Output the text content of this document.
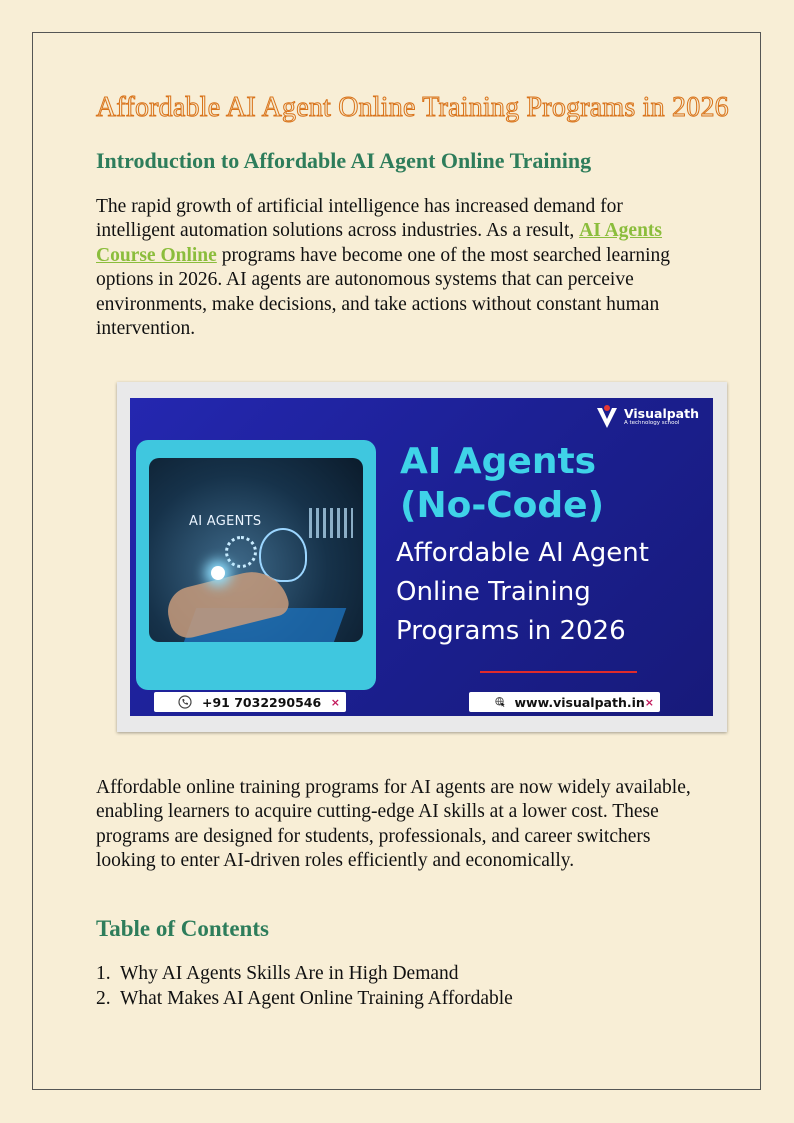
Affordable AI Agent Online Training Programs in 2026
Introduction to Affordable AI Agent Online Training

The rapid growth of artificial intelligence has increased demand for intelligent automation solutions across industries. As a result, AI Agents Course Online programs have become one of the most searched learning options in 2026. AI agents are autonomous systems that can perceive environments, make decisions, and take actions without constant human intervention.

Visualpath
A technology school
AI AGENTS
AI Agents
(No-Code)
Affordable AI Agent
Online Training
Programs in 2026
+91 7032290546 ×	www.visualpath.in ×

Affordable online training programs for AI agents are now widely available, enabling learners to acquire cutting-edge AI skills at a lower cost. These programs are designed for students, professionals, and career switchers looking to enter AI-driven roles efficiently and economically.

Table of Contents
1. Why AI Agents Skills Are in High Demand
2. What Makes AI Agent Online Training Affordable
